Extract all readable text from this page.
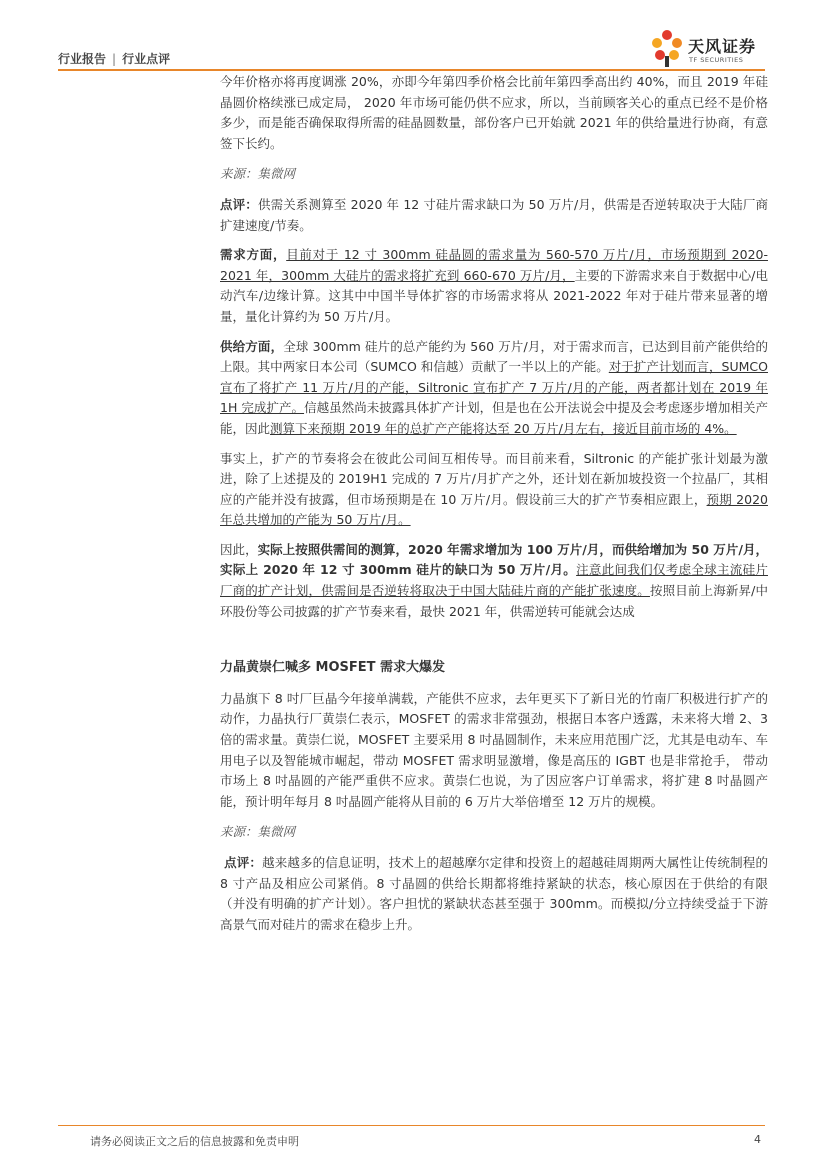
行业报告 | 行业点评
天风证券
TF SECURITIES

今年价格亦将再度调涨 20%，亦即今年第四季价格会比前年第四季高出约 40%，而且 2019 年硅晶圆价格续涨已成定局， 2020 年市场可能仍供不应求，所以，当前顾客关心的重点已经不是价格多少，而是能否确保取得所需的硅晶圆数量，部份客户已开始就 2021 年的供给量进行协商，有意签下长约。

来源：集微网

点评：供需关系测算至 2020 年 12 寸硅片需求缺口为 50 万片/月，供需是否逆转取决于大陆厂商扩建速度/节奏。

需求方面，目前对于 12 寸 300mm 硅晶圆的需求量为 560-570 万片/月，市场预期到 2020-2021 年，300mm 大硅片的需求将扩充到 660-670 万片/月，主要的下游需求来自于数据中心/电动汽车/边缘计算。这其中中国半导体扩容的市场需求将从 2021-2022 年对于硅片带来显著的增量，量化计算约为 50 万片/月。

供给方面，全球 300mm 硅片的总产能约为 560 万片/月，对于需求而言，已达到目前产能供给的上限。其中两家日本公司（SUMCO 和信越）贡献了一半以上的产能。对于扩产计划而言，SUMCO 宣布了将扩产 11 万片/月的产能，Siltronic 宣布扩产 7 万片/月的产能，两者都计划在 2019 年 1H 完成扩产。信越虽然尚未披露具体扩产计划，但是也在公开法说会中提及会考虑逐步增加相关产能，因此测算下来预期 2019 年的总扩产产能将达至 20 万片/月左右，接近目前市场的 4%。

事实上，扩产的节奏将会在彼此公司间互相传导。而目前来看，Siltronic 的产能扩张计划最为激进，除了上述提及的 2019H1 完成的 7 万片/月扩产之外，还计划在新加坡投资一个拉晶厂，其相应的产能并没有披露，但市场预期是在 10 万片/月。假设前三大的扩产节奏相应跟上，预期 2020 年总共增加的产能为 50 万片/月。

因此，实际上按照供需间的测算，2020 年需求增加为 100 万片/月，而供给增加为 50 万片/月，实际上 2020 年 12 寸 300mm 硅片的缺口为 50 万片/月。注意此间我们仅考虑全球主流硅片厂商的扩产计划，供需间是否逆转将取决于中国大陆硅片商的产能扩张速度。按照目前上海新昇/中环股份等公司披露的扩产节奏来看，最快 2021 年，供需逆转可能就会达成

力晶黄崇仁喊多 MOSFET 需求大爆发

力晶旗下 8 吋厂巨晶今年接单满载，产能供不应求，去年更买下了新日光的竹南厂积极进行扩产的动作，力晶执行厂黄崇仁表示，MOSFET 的需求非常强劲，根据日本客户透露，未来将大增 2、3 倍的需求量。黄崇仁说，MOSFET 主要采用 8 吋晶圆制作，未来应用范围广泛，尤其是电动车、车用电子以及智能城市崛起，带动 MOSFET 需求明显激增，像是高压的 IGBT 也是非常抢手， 带动市场上 8 吋晶圆的产能严重供不应求。黄崇仁也说，为了因应客户订单需求，将扩建 8 吋晶圆产能，预计明年每月 8 吋晶圆产能将从目前的 6 万片大举倍增至 12 万片的规模。

来源：集微网

点评：越来越多的信息证明，技术上的超越摩尔定律和投资上的超越硅周期两大属性让传统制程的 8 寸产品及相应公司紧俏。8 寸晶圆的供给长期都将维持紧缺的状态，核心原因在于供给的有限（并没有明确的扩产计划）。客户担忧的紧缺状态甚至强于 300mm。而模拟/分立持续受益于下游高景气而对硅片的需求在稳步上升。

请务必阅读正文之后的信息披露和免责申明	4
